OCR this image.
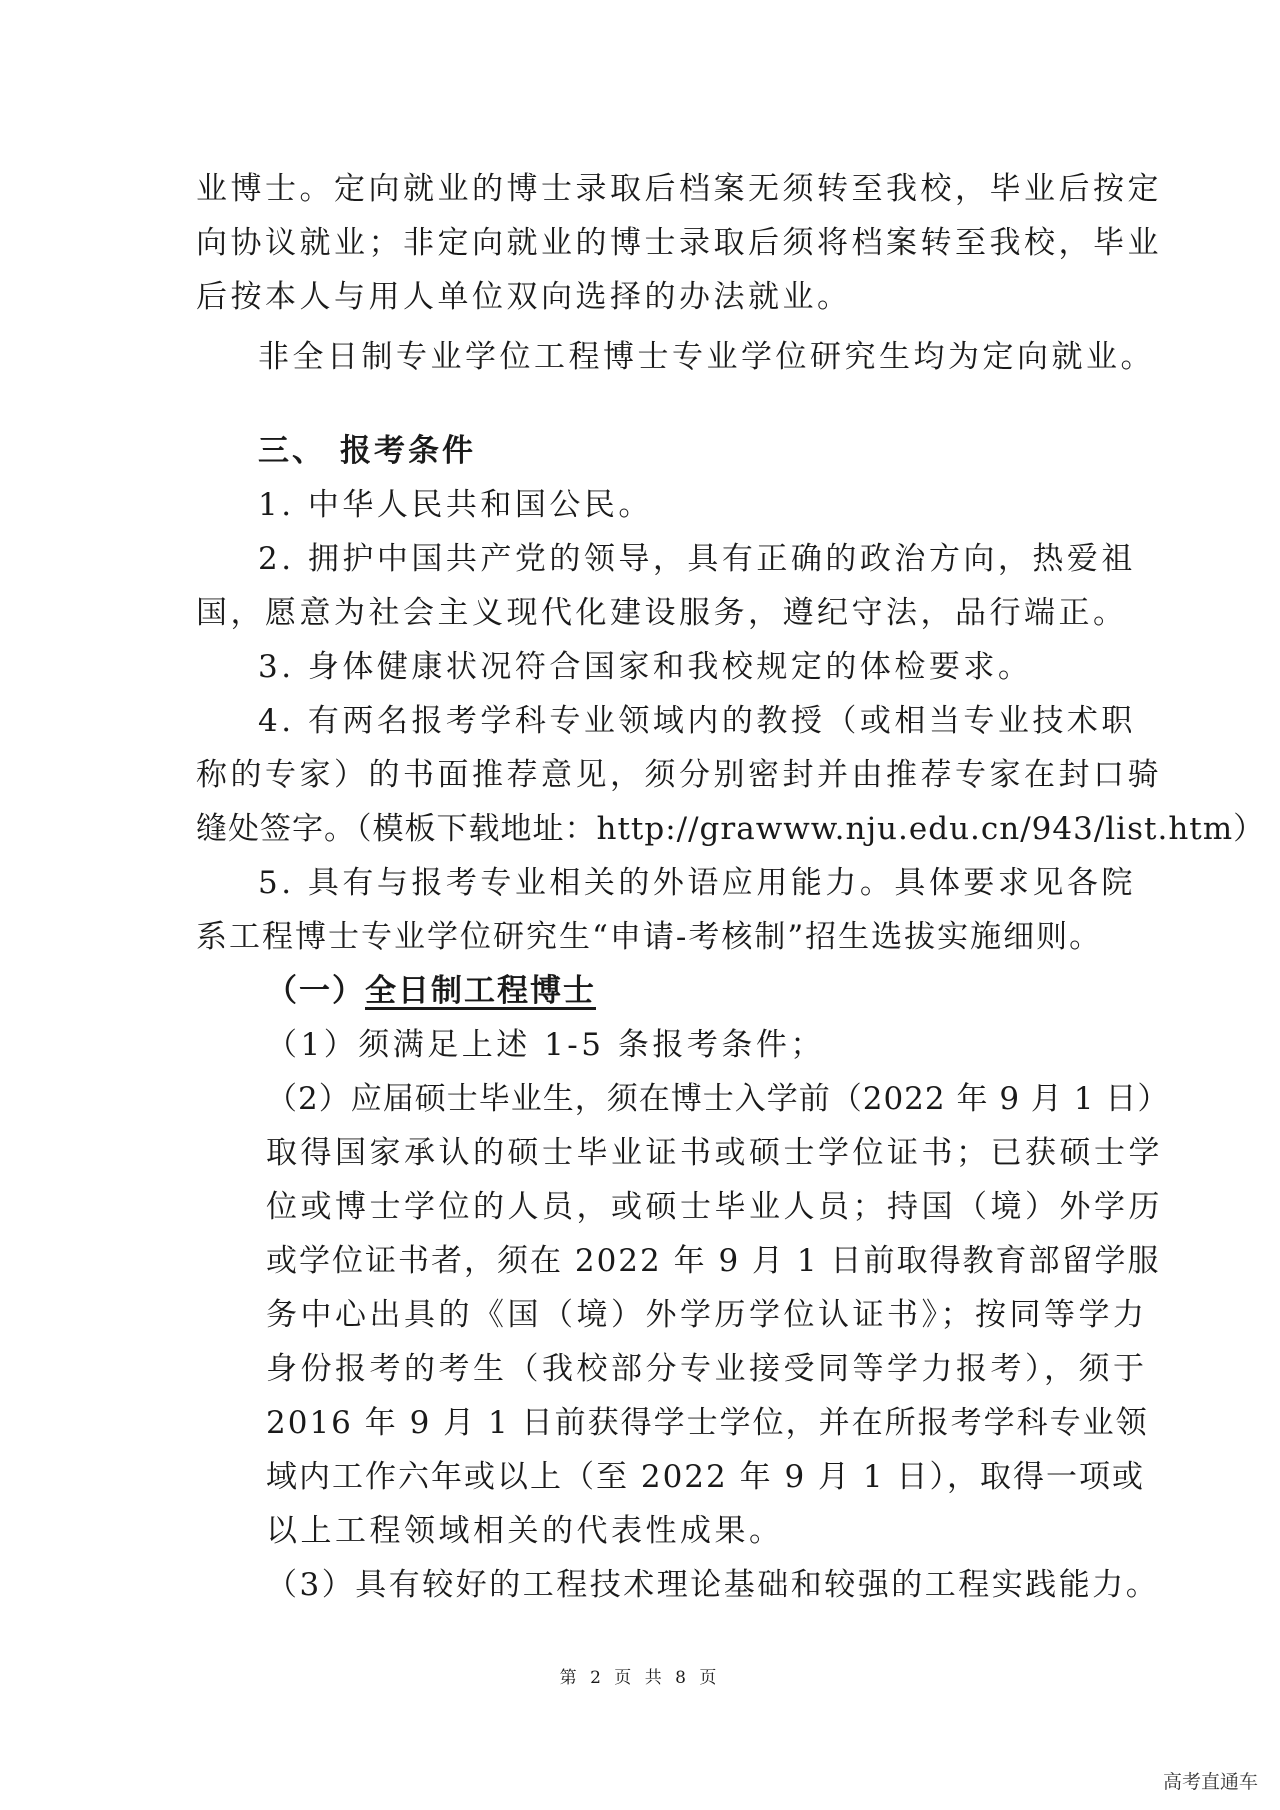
业博士。定向就业的博士录取后档案无须转至我校，毕业后按定
向协议就业；非定向就业的博士录取后须将档案转至我校，毕业
后按本人与用人单位双向选择的办法就业。
非全日制专业学位工程博士专业学位研究生均为定向就业。
三、 报考条件
1. 中华人民共和国公民。
2. 拥护中国共产党的领导，具有正确的政治方向，热爱祖
国，愿意为社会主义现代化建设服务，遵纪守法，品行端正。
3. 身体健康状况符合国家和我校规定的体检要求。
4. 有两名报考学科专业领域内的教授（或相当专业技术职
称的专家）的书面推荐意见，须分别密封并由推荐专家在封口骑
缝处签字。（模板下载地址：http://grawww.nju.edu.cn/943/list.htm）
5. 具有与报考专业相关的外语应用能力。具体要求见各院
系工程博士专业学位研究生“申请-考核制”招生选拔实施细则。
（一）全日制工程博士
（1）须满足上述 1-5 条报考条件；
（2）应届硕士毕业生，须在博士入学前（2022 年 9 月 1 日）
取得国家承认的硕士毕业证书或硕士学位证书；已获硕士学
位或博士学位的人员，或硕士毕业人员；持国（境）外学历
或学位证书者，须在 2022 年 9 月 1 日前取得教育部留学服
务中心出具的《国（境）外学历学位认证书》；按同等学力
身份报考的考生（我校部分专业接受同等学力报考），须于
2016 年 9 月 1 日前获得学士学位，并在所报考学科专业领
域内工作六年或以上（至 2022 年 9 月 1 日），取得一项或
以上工程领域相关的代表性成果。
（3）具有较好的工程技术理论基础和较强的工程实践能力。
第 2 页 共 8 页
高考直通车
